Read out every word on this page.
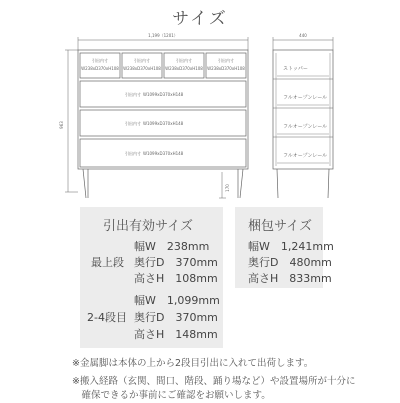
サイズ
1,199（1201）
963
170
引出内寸
W238xD370xH108
引出内寸
W238xD370xH108
引出内寸
W238xD370xH108
引出内寸
W238xD370xH108
引出内寸 W1099xD370xH148
引出内寸 W1099xD370xH148
引出内寸 W1099xD370xH148
440
ストッパー
フルオープンレール
フルオープンレール
フルオープンレール
引出有効サイズ
最上段
幅W　238mm
奥行D　370mm
高さH　108mm
2-4段目
幅W　1,099mm
奥行D　370mm
高さH　148mm
梱包サイズ
幅W　1,241mm
奥行D　480mm
高さH　833mm
※金属脚は本体の上から2段目引出に入れて出荷します。
※搬入経路（玄関、間口、階段、踊り場など）や設置場所が十分に
　確保できるか事前にご確認をお願いします。
